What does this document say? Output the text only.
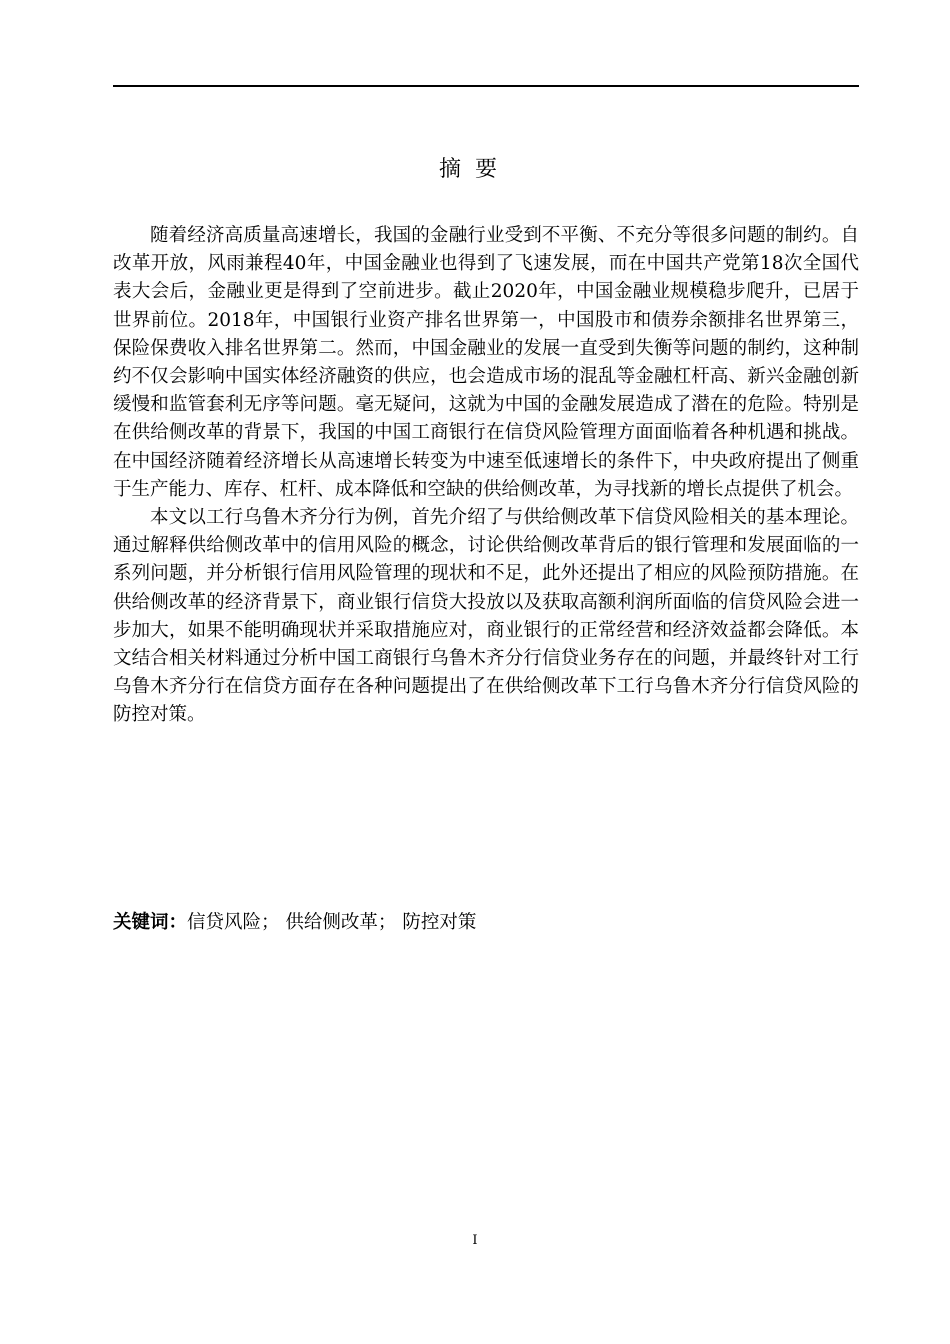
摘要

随着经济高质量高速增长，我国的金融行业受到不平衡、不充分等很多问题的制约。自改革开放，风雨兼程40年，中国金融业也得到了飞速发展，而在中国共产党第18次全国代表大会后，金融业更是得到了空前进步。截止2020年，中国金融业规模稳步爬升，已居于世界前位。2018年，中国银行业资产排名世界第一，中国股市和债券余额排名世界第三，保险保费收入排名世界第二。然而，中国金融业的发展一直受到失衡等问题的制约，这种制约不仅会影响中国实体经济融资的供应，也会造成市场的混乱等金融杠杆高、新兴金融创新缓慢和监管套利无序等问题。毫无疑问，这就为中国的金融发展造成了潜在的危险。特别是在供给侧改革的背景下，我国的中国工商银行在信贷风险管理方面面临着各种机遇和挑战。在中国经济随着经济增长从高速增长转变为中速至低速增长的条件下，中央政府提出了侧重于生产能力、库存、杠杆、成本降低和空缺的供给侧改革，为寻找新的增长点提供了机会。

本文以工行乌鲁木齐分行为例，首先介绍了与供给侧改革下信贷风险相关的基本理论。通过解释供给侧改革中的信用风险的概念，讨论供给侧改革背后的银行管理和发展面临的一系列问题，并分析银行信用风险管理的现状和不足，此外还提出了相应的风险预防措施。在供给侧改革的经济背景下，商业银行信贷大投放以及获取高额利润所面临的信贷风险会进一步加大，如果不能明确现状并采取措施应对，商业银行的正常经营和经济效益都会降低。本文结合相关材料通过分析中国工商银行乌鲁木齐分行信贷业务存在的问题，并最终针对工行乌鲁木齐分行在信贷方面存在各种问题提出了在供给侧改革下工行乌鲁木齐分行信贷风险的防控对策。

关键词：信贷风险； 供给侧改革； 防控对策

I
